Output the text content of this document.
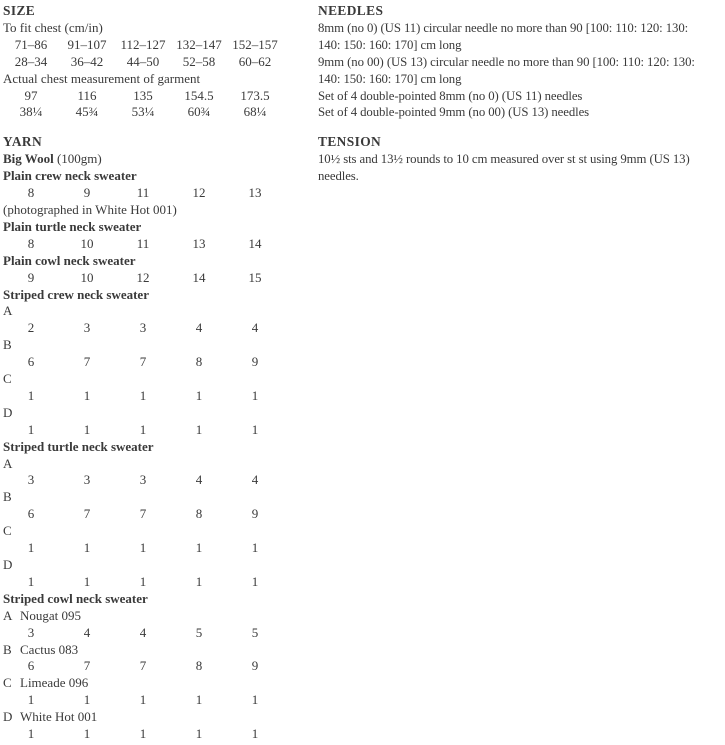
SIZE
To fit chest (cm/in)
71–86	91–107	112–127 132–147 152–157
28–34	36–42	44–50	52–58	60–62
Actual chest measurement of garment
97	116	135	154.5	173.5
38¼	45¾	53¼	60¾	68¼
YARN
Big Wool (100gm)
Plain crew neck sweater
8	9	11	12	13
(photographed in White Hot 001)
Plain turtle neck sweater
8	10	11	13	14
Plain cowl neck sweater
9	10	12	14	15
Striped crew neck sweater
A
2	3	3	4	4
B
6	7	7	8	9
C
1	1	1	1	1
D
1	1	1	1	1
Striped turtle neck sweater
A
3	3	3	4	4
B
6	7	7	8	9
C
1	1	1	1	1
D
1	1	1	1	1
Striped cowl neck sweater
A Nougat 095
3	4	4	5	5
B Cactus 083
6	7	7	8	9
C Limeade 096
1	1	1	1	1
D White Hot 001
1	1	1	1	1
NEEDLES
8mm (no 0) (US 11) circular needle no more than 90 [100: 110: 120: 130:
140: 150: 160: 170] cm long
9mm (no 00) (US 13) circular needle no more than 90 [100: 110: 120: 130:
140: 150: 160: 170] cm long
Set of 4 double-pointed 8mm (no 0) (US 11) needles
Set of 4 double-pointed 9mm (no 00) (US 13) needles
TENSION
10½ sts and 13½ rounds to 10 cm measured over st st using 9mm (US 13)
needles.
